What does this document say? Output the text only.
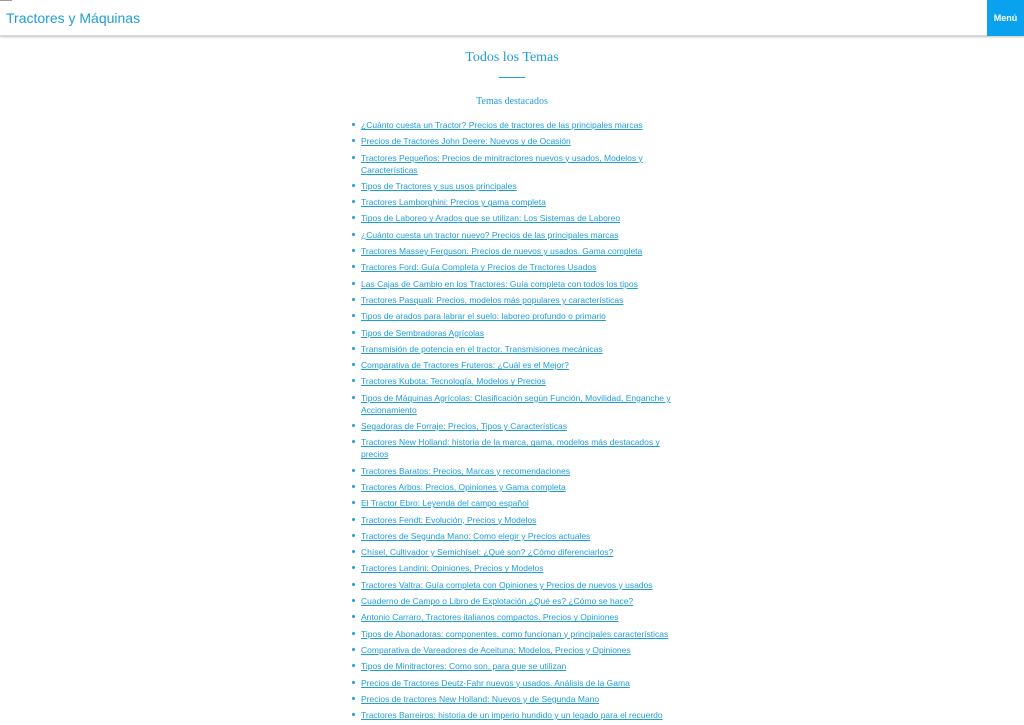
Tractores y Máquinas	Menú
Todos los Temas
Temas destacados
¿Cuánto cuesta un Tractor? Precios de tractores de las principales marcas
Precios de Tractores John Deere: Nuevos y de Ocasión
Tractores Pequeños: Precios de minitractores nuevos y usados, Modelos y Características
Tipos de Tractores y sus usos principales
Tractores Lamborghini: Precios y gama completa
Tipos de Laboreo y Arados que se utilizan: Los Sistemas de Laboreo
¿Cuánto cuesta un tractor nuevo? Precios de las principales marcas
Tractores Massey Ferguson. Precios de nuevos y usados. Gama completa
Tractores Ford: Guía Completa y Precios de Tractores Usados
Las Cajas de Cambio en los Tractores: Guía completa con todos los tipos
Tractores Pasquali: Precios, modelos más populares y características
Tipos de arados para labrar el suelo: laboreo profundo o primario
Tipos de Sembradoras Agrícolas
Transmisión de potencia en el tractor. Transmisiones mecánicas
Comparativa de Tractores Fruteros: ¿Cuál es el Mejor?
Tractores Kubota: Tecnología, Modelos y Precios
Tipos de Máquinas Agrícolas: Clasificación según Función, Movilidad, Enganche y Accionamiento
Segadoras de Forraje: Precios, Tipos y Características
Tractores New Holland: historia de la marca, gama, modelos más destacados y precios
Tractores Baratos: Precios, Marcas y recomendaciones
Tractores Arbos: Precios, Opiniones y Gama completa
El Tractor Ebro: Leyenda del campo español
Tractores Fendt: Evolución, Precios y Modelos
Tractores de Segunda Mano: Como elegir y Precios actuales
Chísel, Cultivador y Semichísel: ¿Qué son? ¿Cómo diferenciarlos?
Tractores Landini: Opiniones, Precios y Modelos
Tractores Valtra: Guía completa con Opiniones y Precios de nuevos y usados
Cuaderno de Campo o Libro de Explotación ¿Qué es? ¿Cómo se hace?
Antonio Carraro, Tractores italianos compactos. Precios y Opiniones
Tipos de Abonadoras: componentes, como funcionan y principales características
Comparativa de Vareadores de Aceituna: Modelos, Precios y Opiniones
Tipos de Minitractores: Como son, para que se utilizan
Precios de Tractores Deutz-Fahr nuevos y usados. Análisis de la Gama
Precios de tractores New Holland: Nuevos y de Segunda Mano
Tractores Barreiros: historia de un imperio hundido y un legado para el recuerdo
